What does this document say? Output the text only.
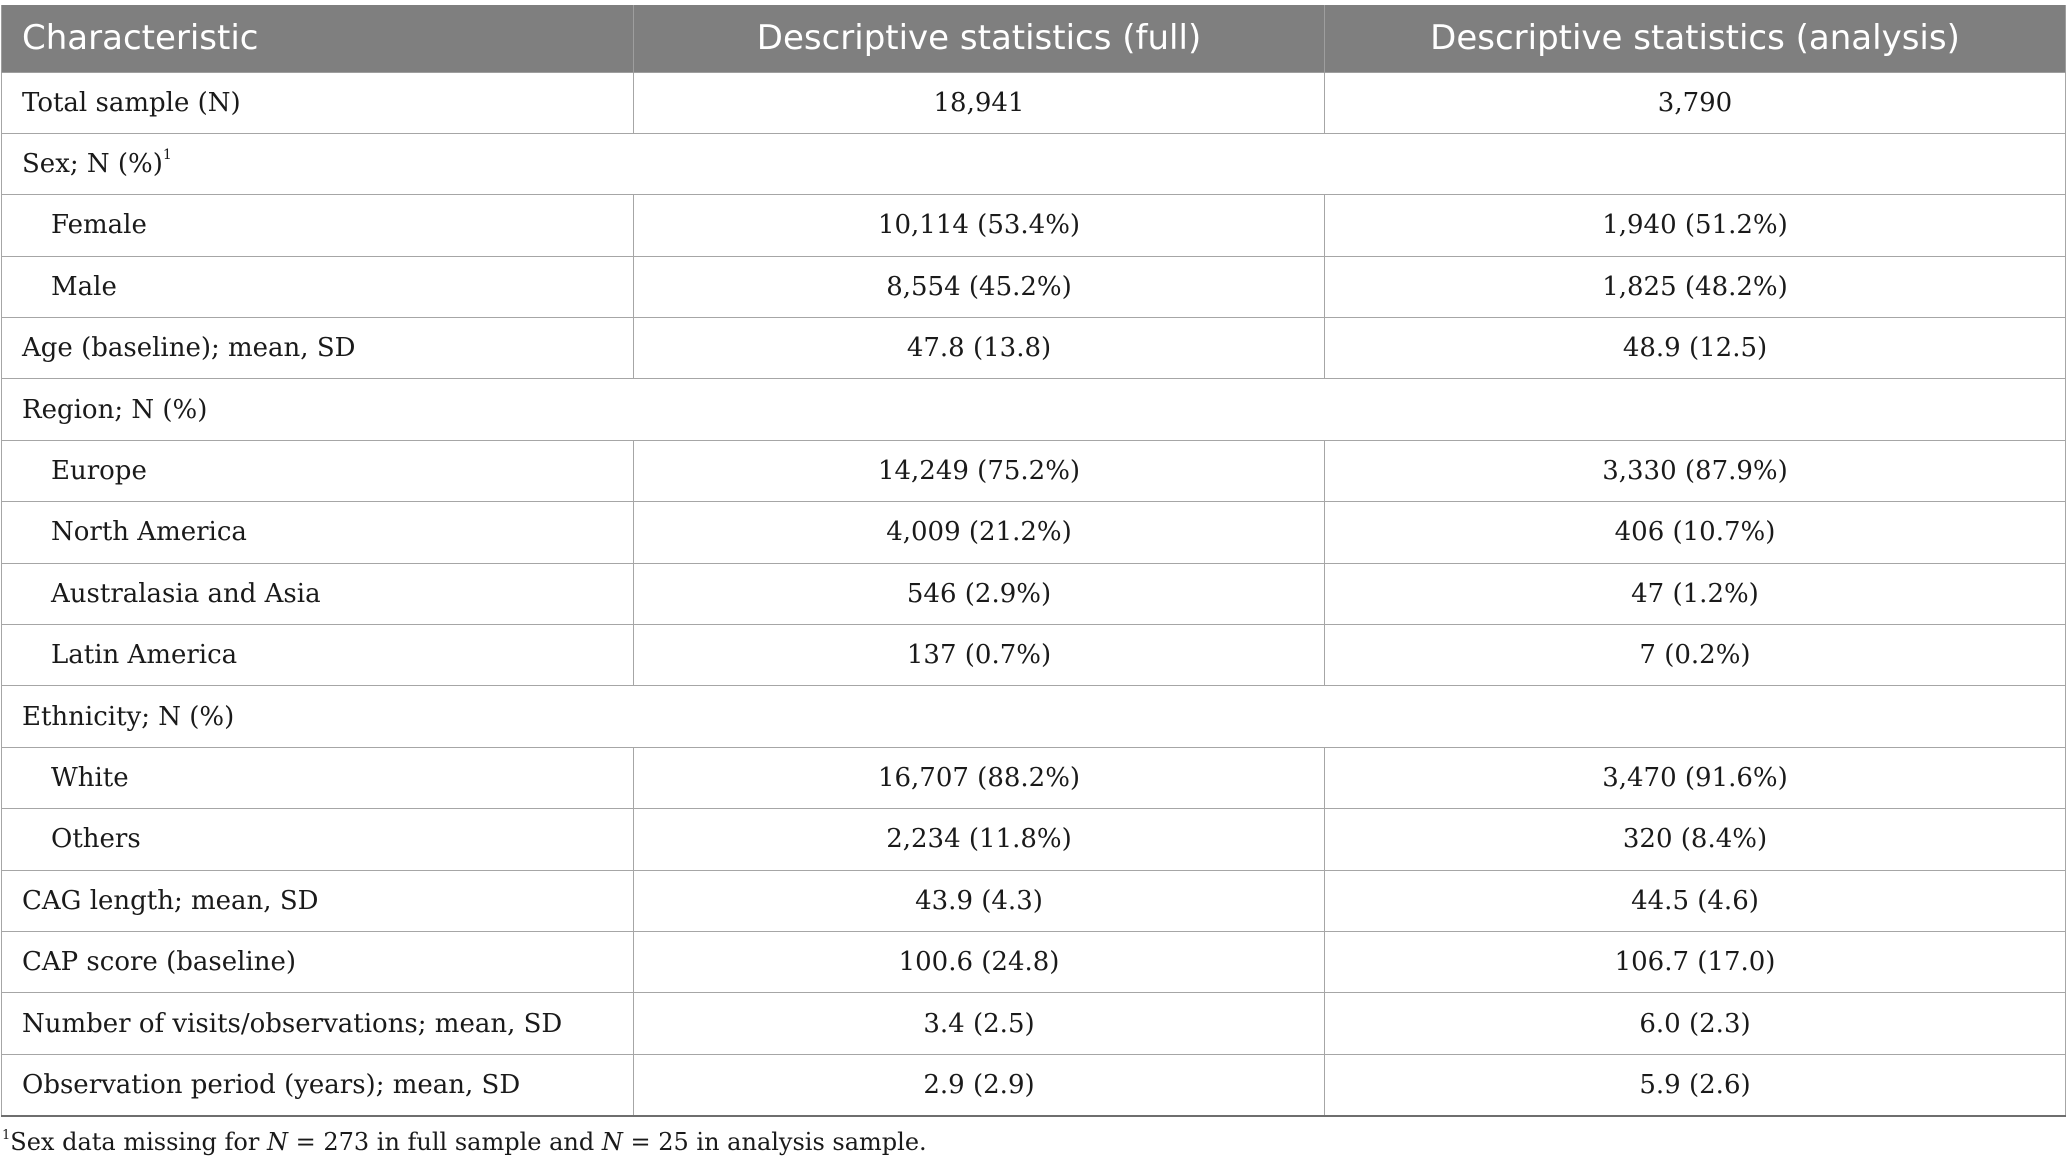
Characteristic	Descriptive statistics (full)	Descriptive statistics (analysis)
Total sample (N)	18,941	3,790
Sex; N (%)$^1$
Female	10,114 (53.4%)	1,940 (51.2%)
Male	8,554 (45.2%)	1,825 (48.2%)
Age (baseline); mean, SD	47.8 (13.8)	48.9 (12.5)
Region; N (%)		
Europe	14,249 (75.2%)	3,330 (87.9%)
North America	4,009 (21.2%)	406 (10.7%)
Australasia and Asia	546 (2.9%)	47 (1.2%)
Latin America	137 (0.7%)	7 (0.2%)
Ethnicity; N (%)		
White	16,707 (88.2%)	3,470 (91.6%)
Others	2,234 (11.8%)	320 (8.4%)
CAG length; mean, SD	43.9 (4.3)	44.5 (4.6)
CAP score (baseline)	100.6 (24.8)	106.7 (17.0)
Number of visits/observations; mean, SD	3.4 (2.5)	6.0 (2.3)
Observation period (years); mean, SD	2.9 (2.9)	5.9 (2.6)
$^1$Sex data missing for N = 273 in full sample and N = 25 in analysis sample.
